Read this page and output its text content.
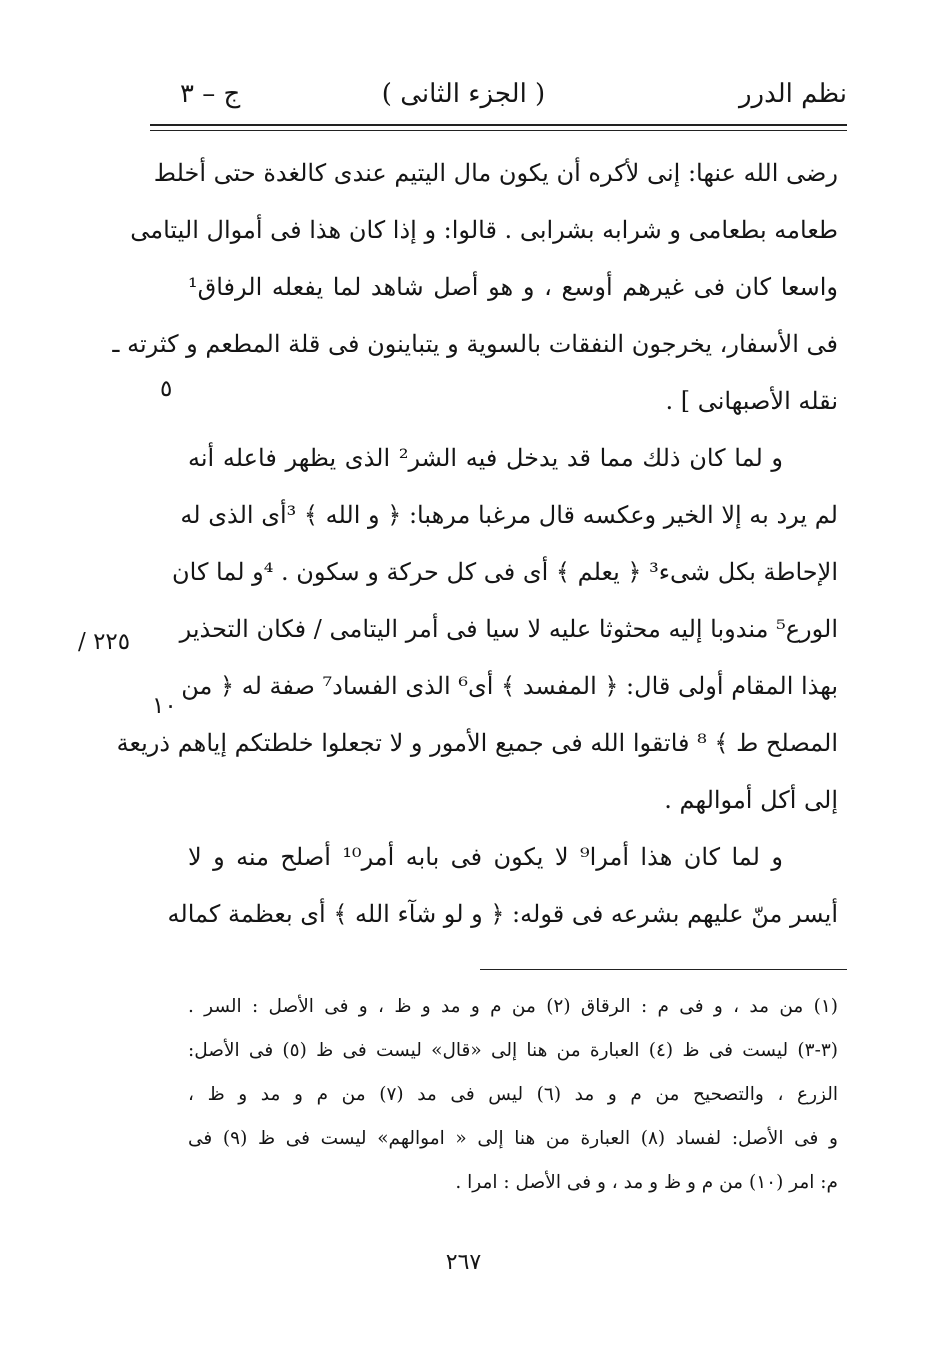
نظم الدرر
( الجزء الثانى )
ج – ٣
رضى الله عنها: إنى لأكره أن يكون مال اليتيم عندى كالغدة حتى أخلط
طعامه بطعامى و شرابه بشرابى . قالوا: و إذا كان هذا فى أموال اليتامى
واسعا كان فى غيرهم أوسع ، و هو أصل شاهد لما يفعله الرفاق¹
فى الأسفار، يخرجون النفقات بالسوية و يتباينون فى قلة المطعم و كثرته ـ
نقله الأصبهانى ] .
و لما كان ذلك مما قد يدخل فيه الشر² الذى يظهر فاعله أنه
لم يرد به إلا الخير وعكسه قال مرغبا مرهبا: ﴿ و الله ﴾ ³أى الذى له
الإحاطة بكل شىء³ ﴿ يعلم ﴾ أى فى كل حركة و سكون . ⁴و لما كان
الورع⁵ مندوبا إليه محثوثا عليه لا سيا فى أمر اليتامى / فكان التحذير
بهذا المقام أولى قال: ﴿ المفسد ﴾ أى⁶ الذى الفساد⁷ صفة له ﴿ من
المصلح ط ﴾ ⁸ فاتقوا الله فى جميع الأمور و لا تجعلوا خلطتكم إياهم ذريعة
إلى أكل أموالهم .
و لما كان هذا أمرا⁹ لا يكون فى بابه أمر¹⁰ أصلح منه و لا
أيسر منّ عليهم بشرعه فى قوله: ﴿ و لو شآء الله ﴾ أى بعظمة كماله
٥
١٠
٢٢٥ /
(١) من مد ، و فى م : الرقاق (٢) من م و مد و ظ ، و فى الأصل : السر .
(٣-٣) ليست فى ظ (٤) العبارة من هنا إلى «قال» ليست فى ظ (٥) فى الأصل:
الزرع ، والتصحيح من م و مد (٦) ليس فى مد (٧) من م و مد و ظ ،
و فى الأصل: لفساد (٨) العبارة من هنا إلى « اموالهم» ليست فى ظ (٩) فى
م: امر (١٠) من م و ظ و مد ، و فى الأصل : امرا .
٢٦٧
